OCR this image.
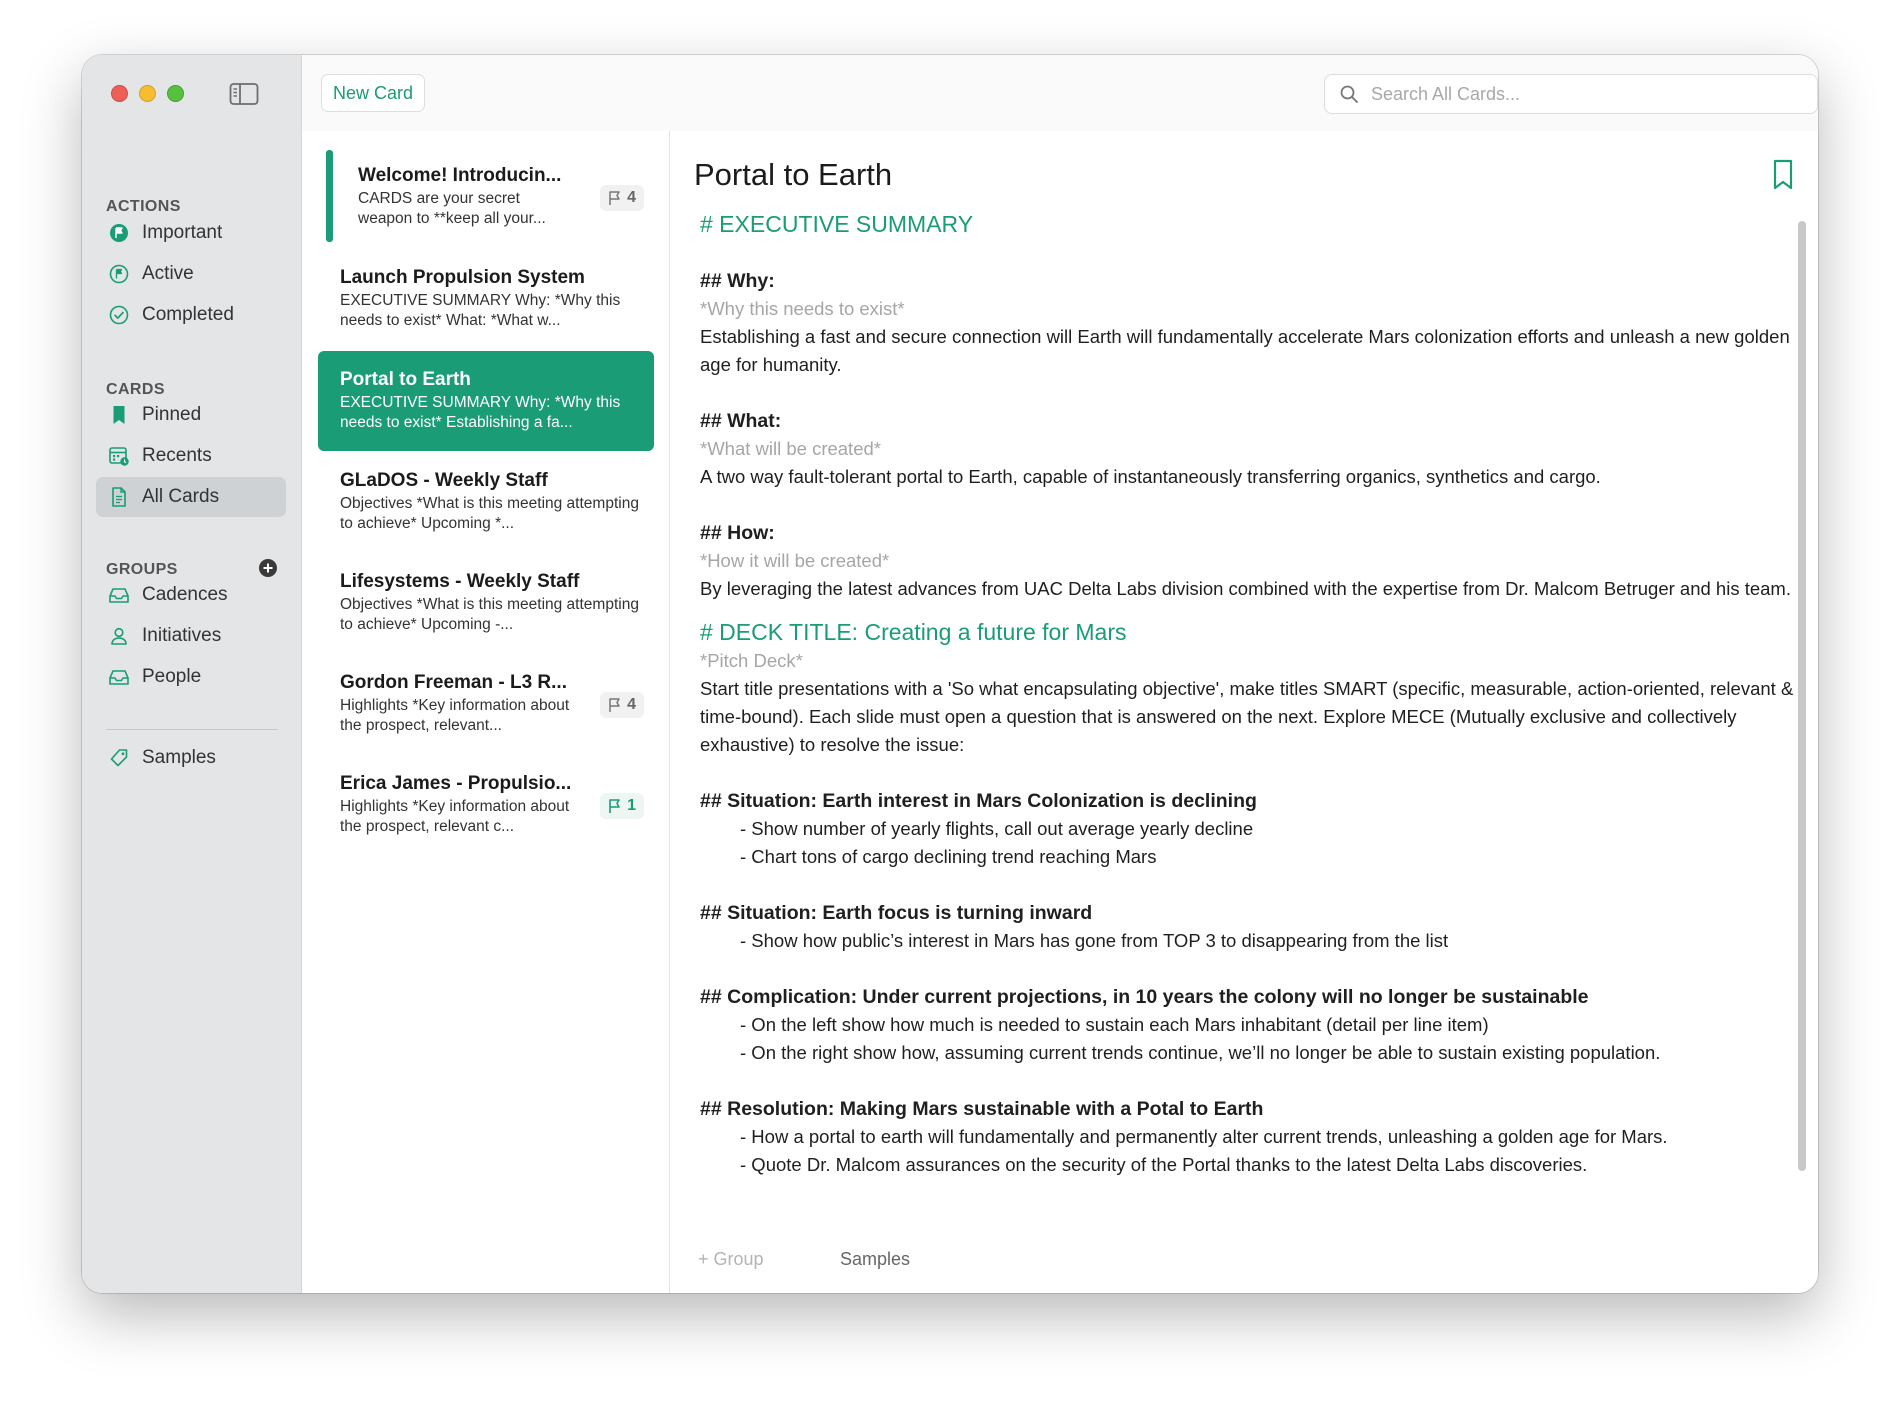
ACTIONS
Important
Active
Completed
CARDS
Pinned
Recents
All Cards
GROUPS
Cadences
Initiatives
People
Samples
New Card
Search All Cards...
Welcome! Introducin...
CARDS are your secret weapon to **keep all your...
4
Launch Propulsion System
EXECUTIVE SUMMARY Why: *Why this needs to exist* What: *What w...
Portal to Earth
EXECUTIVE SUMMARY Why: *Why this needs to exist* Establishing a fa...
GLaDOS - Weekly Staff
Objectives *What is this meeting attempting to achieve* Upcoming *...
Lifesystems - Weekly Staff
Objectives *What is this meeting attempting to achieve* Upcoming -...
Gordon Freeman - L3 R...
Highlights *Key information about the prospect, relevant...
4
Erica James - Propulsio...
Highlights *Key information about the prospect, relevant c...
1
Portal to Earth
# EXECUTIVE SUMMARY
## Why:
*Why this needs to exist*
Establishing a fast and secure connection will Earth will fundamentally accelerate Mars colonization efforts and unleash a new golden age for humanity.
## What:
*What will be created*
A two way fault-tolerant portal to Earth, capable of instantaneously transferring organics, synthetics and cargo.
## How:
*How it will be created*
By leveraging the latest advances from UAC Delta Labs division combined with the expertise from Dr. Malcom Betruger and his team.
# DECK TITLE: Creating a future for Mars
*Pitch Deck*
Start title presentations with a 'So what encapsulating objective', make titles SMART (specific, measurable, action-oriented, relevant & time-bound). Each slide must open a question that is answered on the next. Explore MECE (Mutually exclusive and collectively exhaustive) to resolve the issue:
## Situation: Earth interest in Mars Colonization is declining
- Show number of yearly flights, call out average yearly decline
- Chart tons of cargo declining trend reaching Mars
## Situation: Earth focus is turning inward
- Show how public’s interest in Mars has gone from TOP 3 to disappearing from the list
## Complication: Under current projections, in 10 years the colony will no longer be sustainable
- On the left show how much is needed to sustain each Mars inhabitant (detail per line item)
- On the right show how, assuming current trends continue, we’ll no longer be able to sustain existing population.
## Resolution: Making Mars sustainable with a Potal to Earth
- How a portal to earth will fundamentally and permanently alter current trends, unleashing a golden age for Mars.
- Quote Dr. Malcom assurances on the security of the Portal thanks to the latest Delta Labs discoveries.
+ Group	Samples
